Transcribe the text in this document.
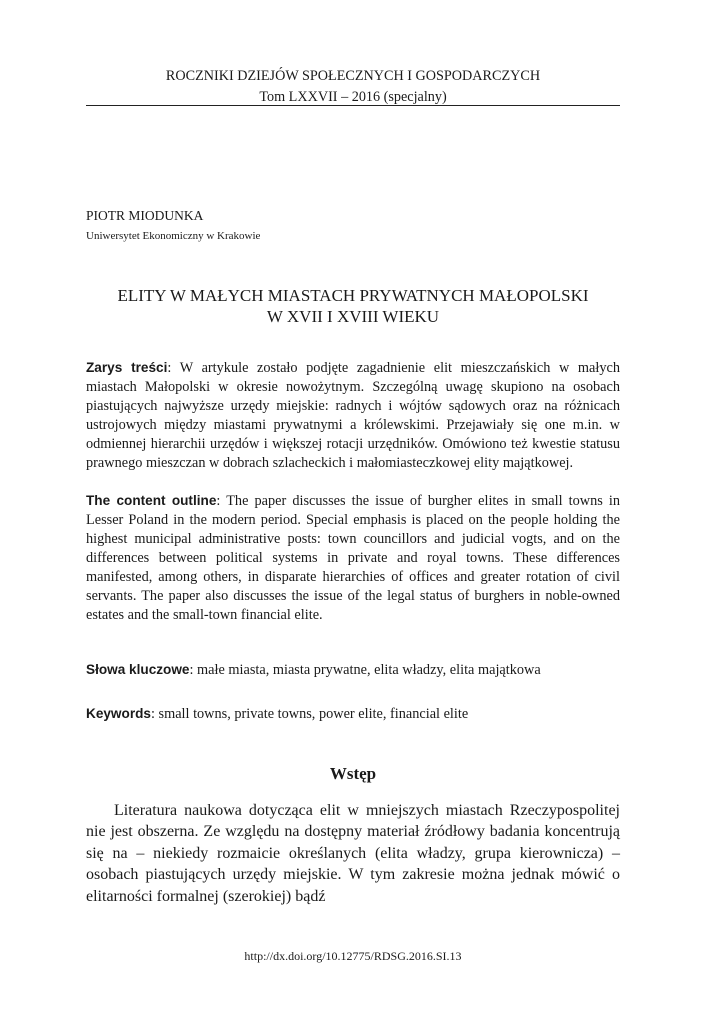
ROCZNIKI DZIEJÓW SPOŁECZNYCH I GOSPODARCZYCH
Tom LXXVII – 2016 (specjalny)
PIOTR MIODUNKA
Uniwersytet Ekonomiczny w Krakowie
ELITY W MAŁYCH MIASTACH PRYWATNYCH MAŁOPOLSKI
W XVII I XVIII WIEKU

Zarys treści: W artykule zostało podjęte zagadnienie elit mieszczańskich w małych miastach Małopolski w okresie nowożytnym. Szczególną uwagę skupiono na osobach piastujących najwyższe urzędy miejskie: radnych i wójtów sądowych oraz na różnicach ustrojowych między miastami prywatnymi a królewskimi. Przejawiały się one m.in. w odmiennej hierarchii urzędów i większej rotacji urzędników. Omówiono też kwestie statusu prawnego mieszczan w dobrach szlacheckich i małomiasteczkowej elity majątkowej.

The content outline: The paper discusses the issue of burgher elites in small towns in Lesser Poland in the modern period. Special emphasis is placed on the people holding the highest municipal administrative posts: town councillors and judicial vogts, and on the differences between political systems in private and royal towns. These differences manifested, among others, in disparate hierarchies of offices and greater rotation of civil servants. The paper also discusses the issue of the legal status of burghers in noble-owned estates and the small-town financial elite.

Słowa kluczowe: małe miasta, miasta prywatne, elita władzy, elita majątkowa

Keywords: small towns, private towns, power elite, financial elite

Wstęp

Literatura naukowa dotycząca elit w mniejszych miastach Rzeczypospolitej nie jest obszerna. Ze względu na dostępny materiał źródłowy badania koncentrują się na – niekiedy rozmaicie określanych (elita władzy, grupa kierownicza) – osobach piastujących urzędy miejskie. W tym zakresie można jednak mówić o elitarności formalnej (szerokiej) bądź

http://dx.doi.org/10.12775/RDSG.2016.SI.13
